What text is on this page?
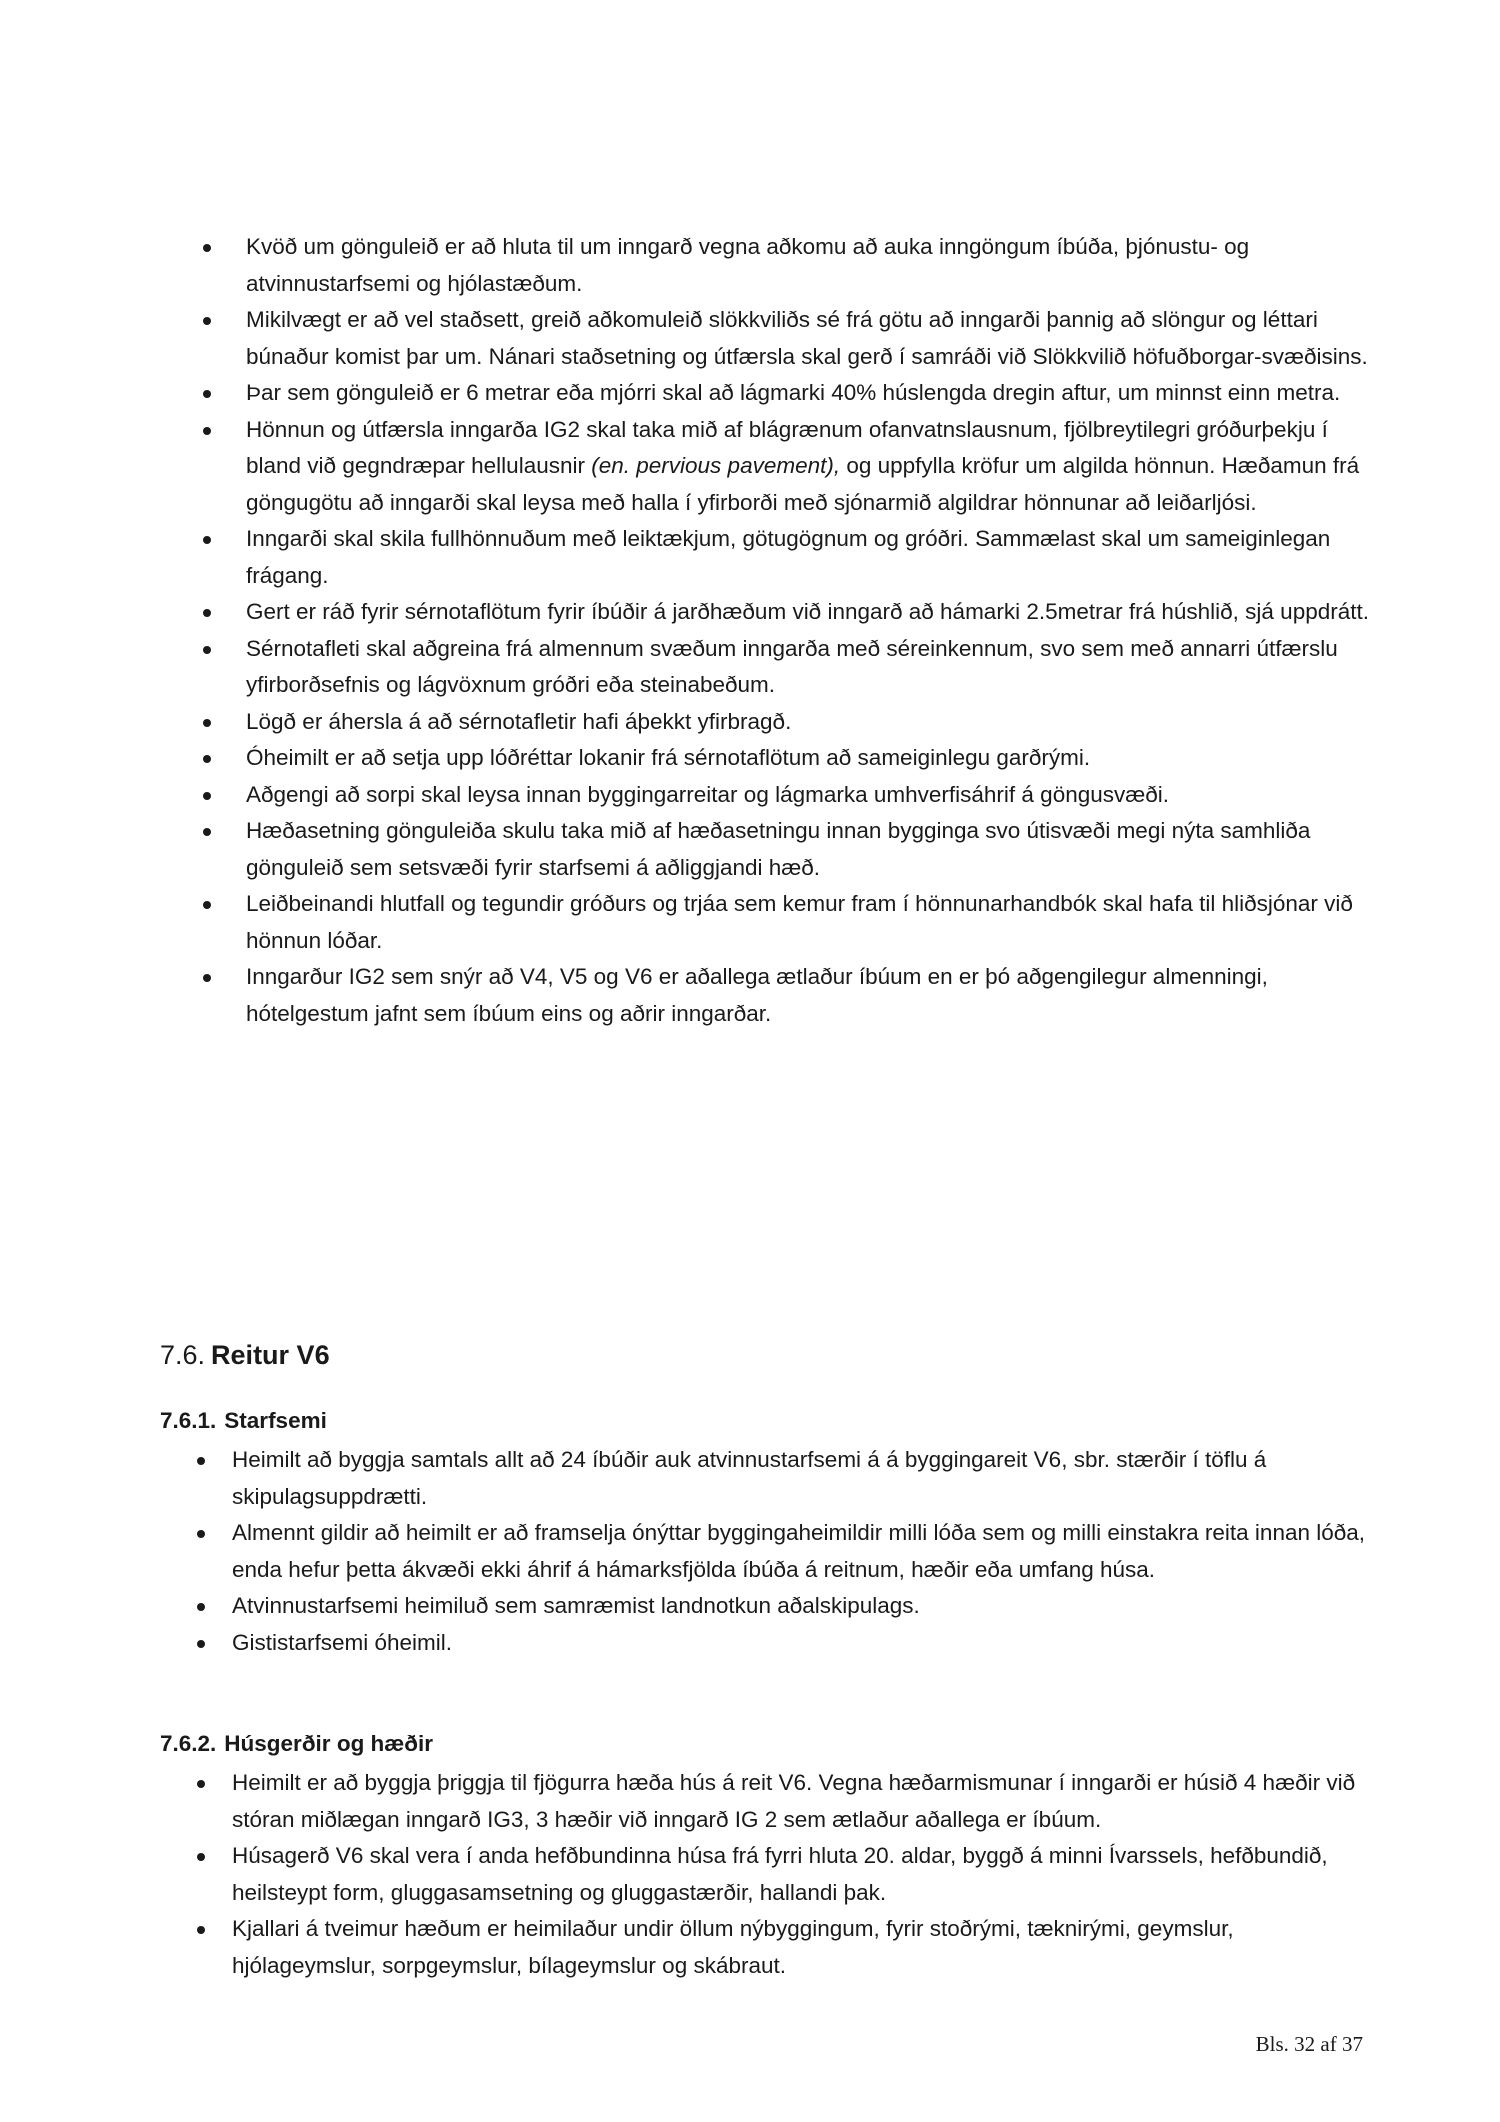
Kvöð um gönguleið er að hluta til um inngarð vegna aðkomu að auka inngöngum íbúða, þjónustu- og atvinnustarfsemi og hjólastæðum.
Mikilvægt er að vel staðsett, greið aðkomuleið slökkviliðs sé frá götu að inngarði þannig að slöngur og léttari búnaður komist þar um. Nánari staðsetning og útfærsla skal gerð í samráði við Slökkvilið höfuðborgar-svæðisins.
Þar sem gönguleið er 6 metrar eða mjórri skal að lágmarki 40% húslengda dregin aftur, um minnst einn metra.
Hönnun og útfærsla inngarða IG2 skal taka mið af blágrænum ofanvatnslausnum, fjölbreytilegri gróðurþekju í bland við gegndræpar hellulausnir (en. pervious pavement), og uppfylla kröfur um algilda hönnun. Hæðamun frá göngugötu að inngarði skal leysa með halla í yfirborði með sjónarmið algildrar hönnunar að leiðarljósi.
Inngarði skal skila fullhönnuðum með leiktækjum, götugögnum og gróðri. Sammælast skal um sameiginlegan frágang.
Gert er ráð fyrir sérnotaflötum fyrir íbúðir á jarðhæðum við inngarð að hámarki 2.5metrar frá húshlið, sjá uppdrátt.
Sérnotafleti skal aðgreina frá almennum svæðum inngarða með séreinkennum, svo sem með annarri útfærslu yfirborðsefnis og lágvöxnum gróðri eða steinabeðum.
Lögð er áhersla á að sérnotafletir hafi áþekkt yfirbragð.
Óheimilt er að setja upp lóðréttar lokanir frá sérnotaflötum að sameiginlegu garðrými.
Aðgengi að sorpi skal leysa innan byggingarreitar og lágmarka umhverfisáhrif á göngusvæði.
Hæðasetning gönguleiða skulu taka mið af hæðasetningu innan bygginga svo útisvæði megi nýta samhliða gönguleið sem setsvæði fyrir starfsemi á aðliggjandi hæð.
Leiðbeinandi hlutfall og tegundir gróðurs og trjáa sem kemur fram í hönnunarhandbók skal hafa til hliðsjónar við hönnun lóðar.
Inngarður IG2 sem snýr að V4, V5 og V6 er aðallega ætlaður íbúum en er þó aðgengilegur almenningi, hótelgestum jafnt sem íbúum eins og aðrir inngarðar.
7.6. Reitur V6
7.6.1. Starfsemi
Heimilt að byggja samtals allt að 24 íbúðir auk atvinnustarfsemi á á byggingareit V6, sbr. stærðir í töflu á skipulagsuppdrætti.
Almennt gildir að heimilt er að framselja ónýttar byggingaheimildir milli lóða sem og milli einstakra reita innan lóða, enda hefur þetta ákvæði ekki áhrif á hámarksfjölda íbúða á reitnum, hæðir eða umfang húsa.
Atvinnustarfsemi heimiluð sem samræmist landnotkun aðalskipulags.
Gististarfsemi óheimil.
7.6.2. Húsgerðir og hæðir
Heimilt er að byggja þriggja til fjögurra hæða hús á reit V6. Vegna hæðarmismunar í inngarði er húsið 4 hæðir við stóran miðlægan inngarð IG3, 3 hæðir við inngarð IG 2 sem ætlaður aðallega er íbúum.
Húsagerð V6 skal vera í anda hefðbundinna húsa frá fyrri hluta 20. aldar, byggð á minni Ívarssels, hefðbundið, heilsteypt form, gluggasamsetning og gluggastærðir, hallandi þak.
Kjallari á tveimur hæðum er heimilaður undir öllum nýbyggingum, fyrir stoðrými, tæknirými, geymslur, hjólageymslur, sorpgeymslur, bílageymslur og skábraut.
Bls. 32 af 37
